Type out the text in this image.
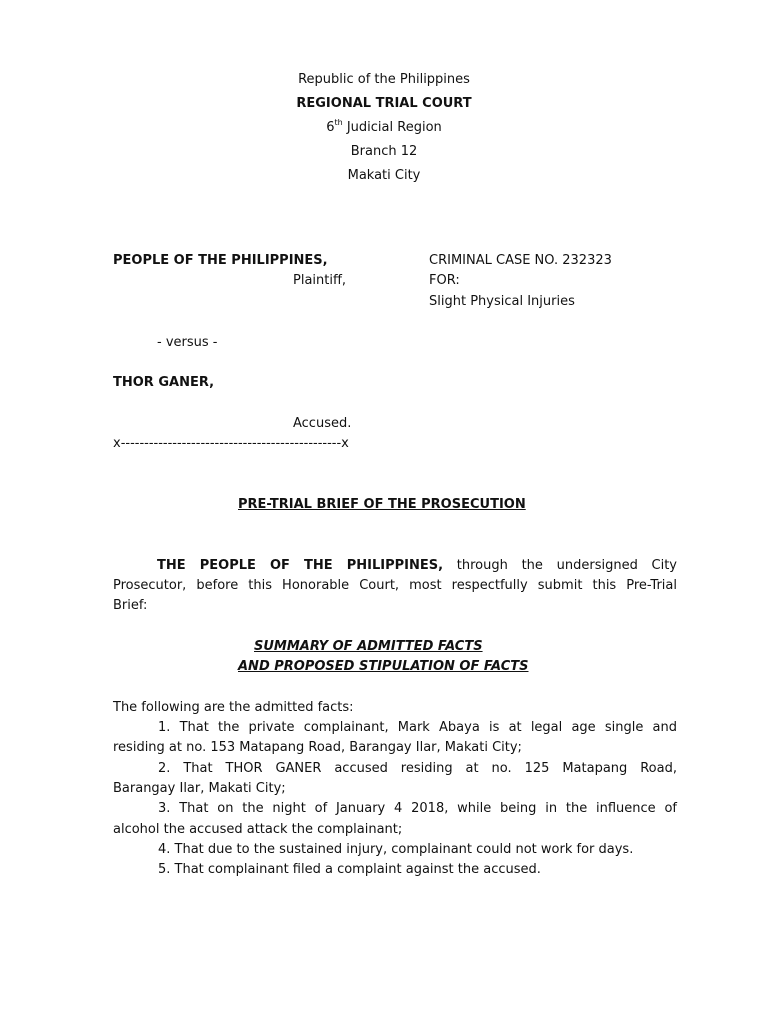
Republic of the Philippines
REGIONAL TRIAL COURT
6th Judicial Region
Branch 12
Makati City
PEOPLE OF THE PHILIPPINES,
Plaintiff,
CRIMINAL CASE NO. 232323
FOR:
Slight Physical Injuries
- versus -
THOR GANER,
Accused.
x-----------------------------------------------x
PRE-TRIAL BRIEF OF THE PROSECUTION
THE PEOPLE OF THE PHILIPPINES, through the undersigned City
Prosecutor, before this Honorable Court, most respectfully submit this Pre-Trial
Brief:
SUMMARY OF ADMITTED FACTS
AND PROPOSED STIPULATION OF FACTS
The following are the admitted facts:
1. That the private complainant, Mark Abaya is at legal age single and
residing at no. 153 Matapang Road, Barangay Ilar, Makati City;
2. That THOR GANER accused residing at no. 125 Matapang Road,
Barangay Ilar, Makati City;
3. That on the night of January 4 2018, while being in the influence of
alcohol the accused attack the complainant;
4. That due to the sustained injury, complainant could not work for days.
5. That complainant filed a complaint against the accused.
